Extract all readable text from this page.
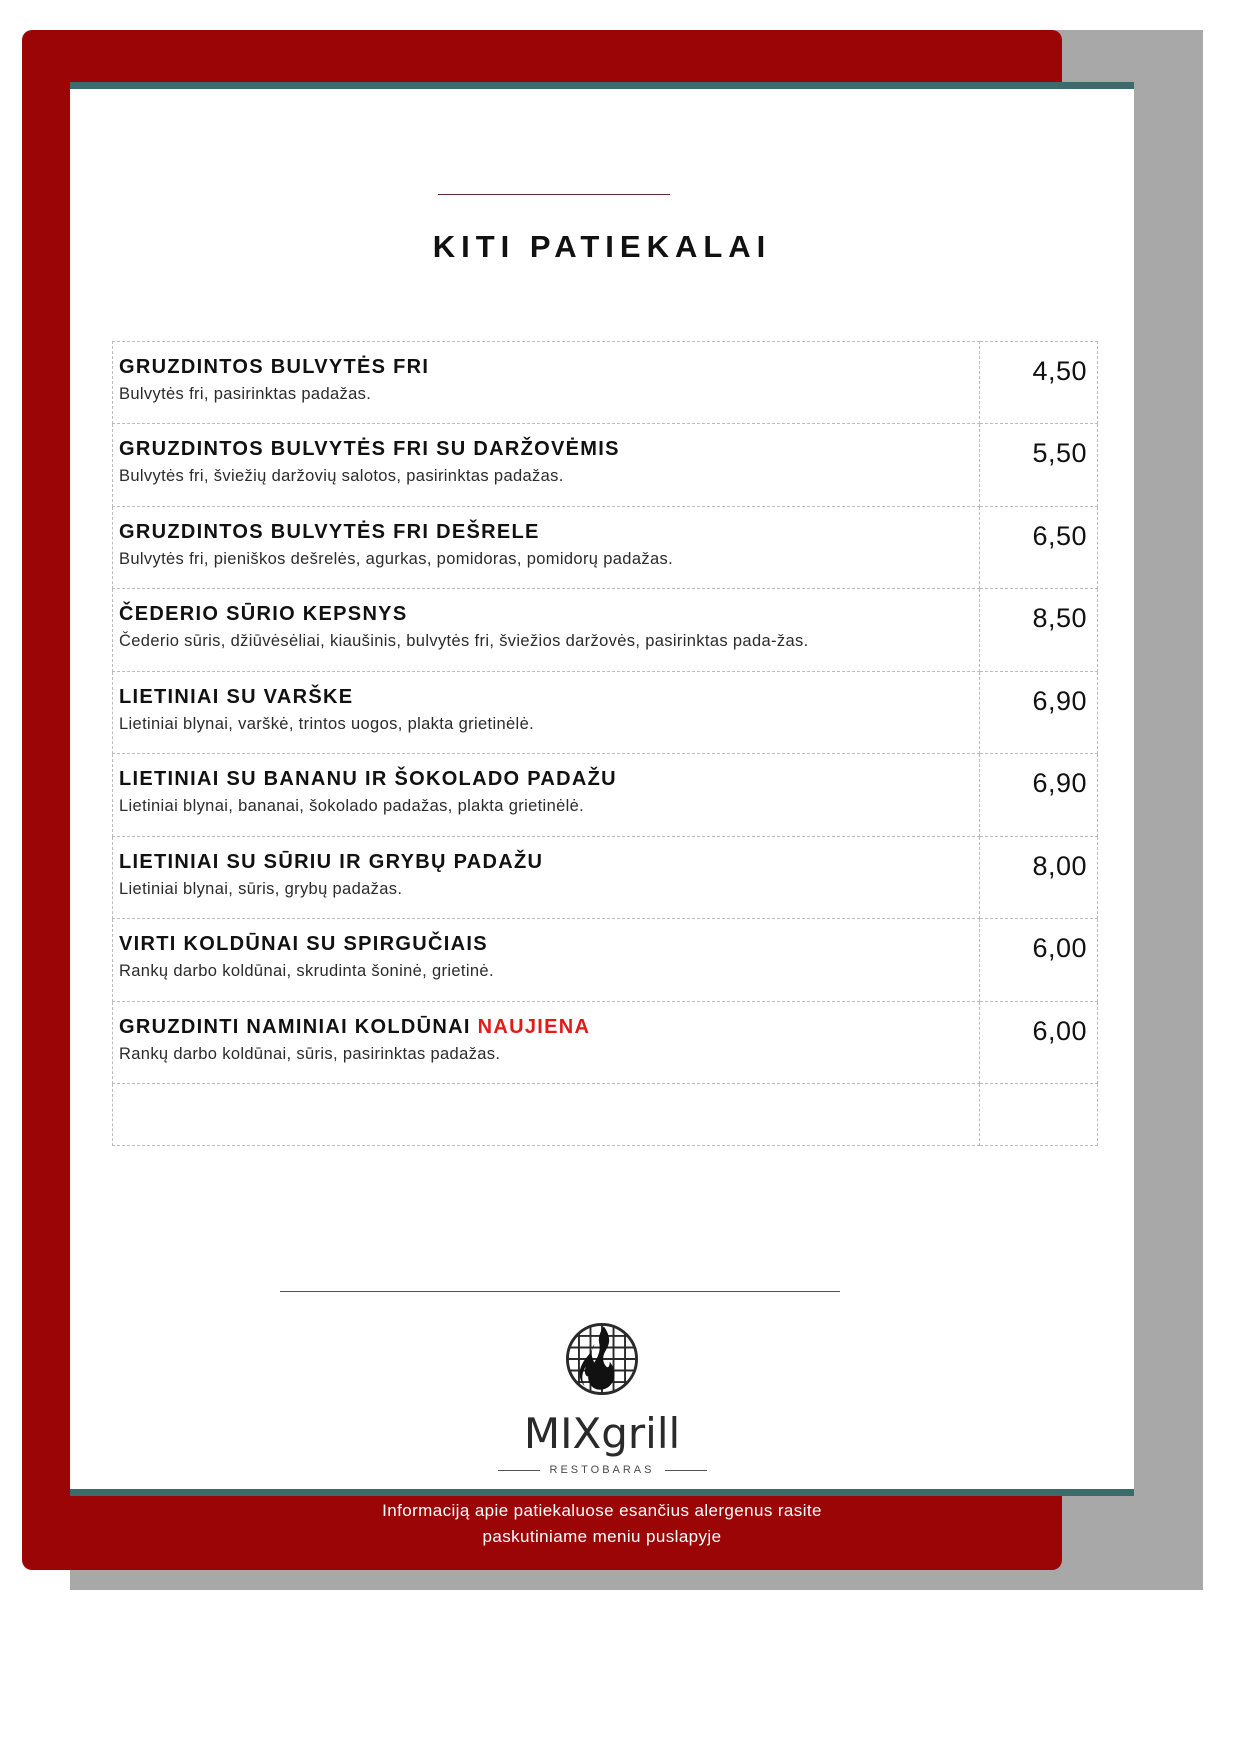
KITI PATIEKALAI
GRUZDINTOS BULVYTĖS FRI
Bulvytės fri, pasirinktas padažas.	4,50

GRUZDINTOS BULVYTĖS FRI SU DARŽOVĖMIS
Bulvytės fri, šviežių daržovių salotos, pasirinktas padažas.	5,50

GRUZDINTOS BULVYTĖS FRI DEŠRELE
Bulvytės fri, pieniškos dešrelės, agurkas, pomidoras, pomidorų padažas.	6,50

ČEDERIO SŪRIO KEPSNYS
Čederio sūris, džiūvėsėliai, kiaušinis, bulvytės fri, šviežios daržovės, pasirinktas pada-žas.	8,50

LIETINIAI SU VARŠKE
Lietiniai blynai, varškė, trintos uogos, plakta grietinėlė.	6,90

LIETINIAI SU BANANU IR ŠOKOLADO PADAŽU
Lietiniai blynai, bananai, šokolado padažas, plakta grietinėlė.	6,90

LIETINIAI SU SŪRIU IR GRYBŲ PADAŽU
Lietiniai blynai, sūris, grybų padažas.	8,00

VIRTI KOLDŪNAI SU SPIRGUČIAIS
Rankų darbo koldūnai, skrudinta šoninė, grietinė.	6,00

GRUZDINTI NAMINIAI KOLDŪNAI NAUJIENA
Rankų darbo koldūnai, sūris, pasirinktas padažas.	6,00

MIXgrill
RESTOBARAS
Informaciją apie patiekaluose esančius alergenus rasite
paskutiniame meniu puslapyje
